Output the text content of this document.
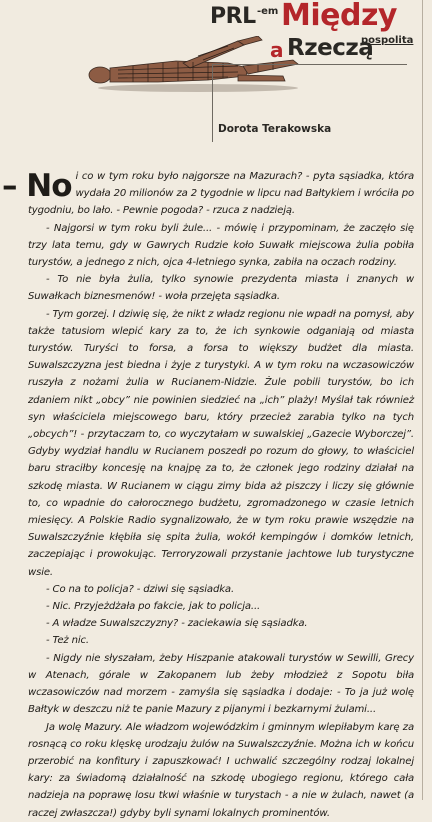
PRL -em Między
a Rzeczą
pospolita
Dorota Terakowska

– No i co w tym roku było najgorsze na Mazurach? - pyta sąsiadka, która wydała 20 milionów za 2 tygodnie w lipcu nad Bałtykiem i wróciła po tygodniu, bo lało. - Pewnie pogoda? - rzuca z nadzieją.

- Najgorsi w tym roku byli żule... - mówię i przypominam, że zaczęło się trzy lata temu, gdy w Gawrych Rudzie koło Suwałk miejscowa żulia pobiła turystów, a jednego z nich, ojca 4-letniego synka, zabiła na oczach rodziny.

- To nie była żulia, tylko synowie prezydenta miasta i znanych w Suwałkach biznesmenów! - woła przejęta sąsiadka.

- Tym gorzej. I dziwię się, że nikt z władz regionu nie wpadł na pomysł, aby także tatusiom wlepić kary za to, że ich synkowie odganiają od miasta turystów. Turyści to forsa, a forsa to większy budżet dla miasta. Suwalszczyzna jest biedna i żyje z turystyki. A w tym roku na wczasowiczów ruszyła z nożami żulia w Rucianem-Nidzie. Żule pobili turystów, bo ich zdaniem nikt „obcy” nie powinien siedzieć na „ich” plaży! Myślał tak również syn właściciela miejscowego baru, który przecież zarabia tylko na tych „obcych”! - przytaczam to, co wyczytałam w suwalskiej „Gazecie Wyborczej”. Gdyby wydział handlu w Rucianem poszedł po rozum do głowy, to właściciel baru straciłby koncesję na knajpę za to, że członek jego rodziny działał na szkodę miasta. W Rucianem w ciągu zimy bida aż piszczy i liczy się głównie to, co wpadnie do całorocznego budżetu, zgromadzonego w czasie letnich miesięcy. A Polskie Radio sygnalizowało, że w tym roku prawie wszędzie na Suwalszczyźnie kłębiła się spita żulia, wokół kempingów i domków letnich, zaczepiając i prowokując. Terroryzowali przystanie jachtowe lub turystyczne wsie.

- Co na to policja? - dziwi się sąsiadka.

- Nic. Przyjeżdżała po fakcie, jak to policja...

- A władze Suwalszczyzny? - zaciekawia się sąsiadka.

- Też nic.

- Nigdy nie słyszałam, żeby Hiszpanie atakowali turystów w Sewilli, Grecy w Atenach, górale w Zakopanem lub żeby młodzież z Sopotu biła wczasowiczów nad morzem - zamyśla się sąsiadka i dodaje: - To ja już wolę Bałtyk w deszczu niż te panie Mazury z pijanymi i bezkarnymi żulami...

Ja wolę Mazury. Ale władzom wojewódzkim i gminnym wlepiłabym karę za rosnącą co roku klęskę urodzaju żulów na Suwalszczyźnie. Można ich w końcu przerobić na konfitury i zapuszkować! I uchwalić szczególny rodzaj lokalnej kary: za świadomą działalność na szkodę ubogiego regionu, którego cała nadzieja na poprawę losu tkwi właśnie w turystach - a nie w żulach, nawet (a raczej zwłaszcza!) gdyby byli synami lokalnych prominentów.
